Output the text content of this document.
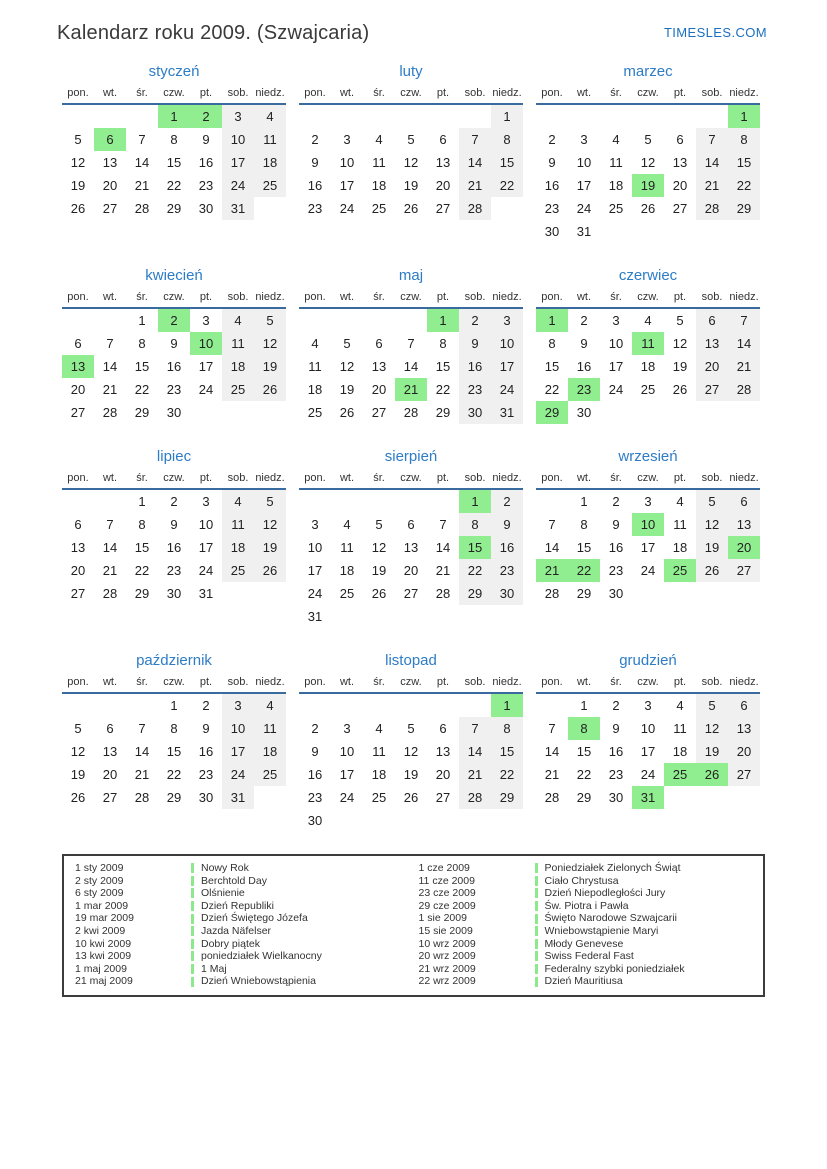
Kalendarz roku 2009. (Szwajcaria)	TIMESLES.COM
styczeń
pon.	wt.	śr.	czw.	pt.	sob.	niedz.
			1	2	3	4
5	6	7	8	9	10	11
12	13	14	15	16	17	18
19	20	21	22	23	24	25
26	27	28	29	30	31	
luty
pon.	wt.	śr.	czw.	pt.	sob.	niedz.
						1
2	3	4	5	6	7	8
9	10	11	12	13	14	15
16	17	18	19	20	21	22
23	24	25	26	27	28	
marzec
pon.	wt.	śr.	czw.	pt.	sob.	niedz.
						1
2	3	4	5	6	7	8
9	10	11	12	13	14	15
16	17	18	19	20	21	22
23	24	25	26	27	28	29
30	31					
kwiecień
pon.	wt.	śr.	czw.	pt.	sob.	niedz.
		1	2	3	4	5
6	7	8	9	10	11	12
13	14	15	16	17	18	19
20	21	22	23	24	25	26
27	28	29	30			
maj
pon.	wt.	śr.	czw.	pt.	sob.	niedz.
				1	2	3
4	5	6	7	8	9	10
11	12	13	14	15	16	17
18	19	20	21	22	23	24
25	26	27	28	29	30	31
czerwiec
pon.	wt.	śr.	czw.	pt.	sob.	niedz.
1	2	3	4	5	6	7
8	9	10	11	12	13	14
15	16	17	18	19	20	21
22	23	24	25	26	27	28
29	30					
lipiec
pon.	wt.	śr.	czw.	pt.	sob.	niedz.
		1	2	3	4	5
6	7	8	9	10	11	12
13	14	15	16	17	18	19
20	21	22	23	24	25	26
27	28	29	30	31		
sierpień
pon.	wt.	śr.	czw.	pt.	sob.	niedz.
					1	2
3	4	5	6	7	8	9
10	11	12	13	14	15	16
17	18	19	20	21	22	23
24	25	26	27	28	29	30
31						
wrzesień
pon.	wt.	śr.	czw.	pt.	sob.	niedz.
	1	2	3	4	5	6
7	8	9	10	11	12	13
14	15	16	17	18	19	20
21	22	23	24	25	26	27
28	29	30				
październik
pon.	wt.	śr.	czw.	pt.	sob.	niedz.
			1	2	3	4
5	6	7	8	9	10	11
12	13	14	15	16	17	18
19	20	21	22	23	24	25
26	27	28	29	30	31	
listopad
pon.	wt.	śr.	czw.	pt.	sob.	niedz.
						1
2	3	4	5	6	7	8
9	10	11	12	13	14	15
16	17	18	19	20	21	22
23	24	25	26	27	28	29
30						
grudzień
pon.	wt.	śr.	czw.	pt.	sob.	niedz.
	1	2	3	4	5	6
7	8	9	10	11	12	13
14	15	16	17	18	19	20
21	22	23	24	25	26	27
28	29	30	31			
1 sty 2009	Nowy Rok
2 sty 2009	Berchtold Day
6 sty 2009	Olśnienie
1 mar 2009	Dzień Republiki
19 mar 2009	Dzień Świętego Józefa
2 kwi 2009	Jazda Näfelser
10 kwi 2009	Dobry piątek
13 kwi 2009	poniedziałek Wielkanocny
1 maj 2009	1 Maj
21 maj 2009	Dzień Wniebowstąpienia
1 cze 2009	Poniedziałek Zielonych Świąt
11 cze 2009	Ciało Chrystusa
23 cze 2009	Dzień Niepodległości Jury
29 cze 2009	Św. Piotra i Pawła
1 sie 2009	Święto Narodowe Szwajcarii
15 sie 2009	Wniebowstąpienie Maryi
10 wrz 2009	Młody Genevese
20 wrz 2009	Swiss Federal Fast
21 wrz 2009	Federalny szybki poniedziałek
22 wrz 2009	Dzień Mauritiusa
